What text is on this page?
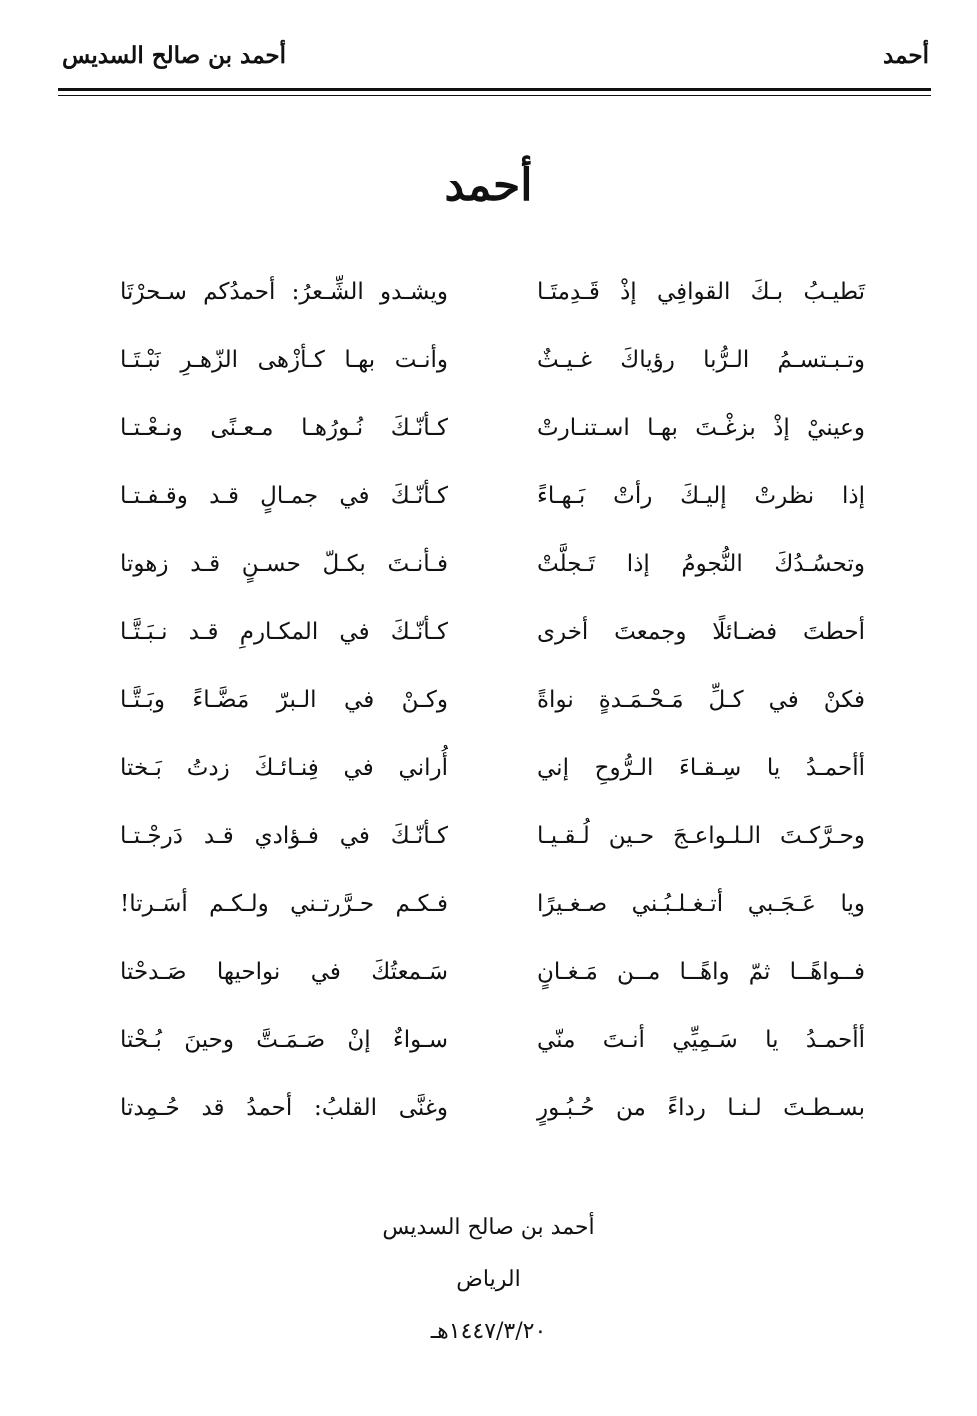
أحمد
أحمد بن صالح السديس
أحمد
تَطيـبُ بـكَ القوافِي إذْ قَـدِمتَـا
ويشـدو الشِّـعرُ: أحمدُكم سـحرْتَا
وتـبـتسـمُ الـرُّبا رؤياكَ غـيـثٌ
وأنـت بهـا كـأزْهى الزّهـرِ نَبْـتَـا
وعينيْ إذْ بزغْـتَ بهـا اسـتنـارتْ
كـأنّـكَ نُـورُهـا مـعـنًى ونـعْـتـا
إذا نظرتْ إليـكَ رأتْ بَـهـاءً
كـأنّـكَ في جمـالٍ قـد وقـفـتـا
وتحسُـدُكَ النُّجومُ إذا تَـجلَّتْ
فـأنـتَ بكـلّ حسـنٍ قـد زهوتا
أحطتَ فضـائلًا وجمعتَ أخرى
كـأنّـكَ في المكـارمِ قـد نـبَـتَّـا
فكنْ في كـلِّ مَـحْـمَـدةٍ نواةً
وكـنْ في الـبرّ مَضَّـاءً وبَـتَّـا
أأحمـدُ يا سِـقـاءَ الـرُّوحِ إني
أُراني في فِنـائـكَ زدتُ بَـختا
وحـرَّكـتَ الـلـواعـجَ حـين لُـقـيـا
كـأنّـكَ في فـؤادي قـد دَرجْـتـا
ويا عَـجَـبي أتـغـلـبُـني صـغـيرًا
فـكـم حـرَّرتـني ولـكـم أسَـرتا!
فــواهًــا ثمّ واهًــا مــن مَـغـانٍ
سَـمعتُكَ في نواحيها صَـدحْتا
أأحمـدُ يا سَـمِيِّي أنـتَ منّي
سـواءٌ إنْ صَـمَـتَّ وحينَ بُـحْتا
بسـطـتَ لـنـا رداءً من حُـبُـورٍ
وغنَّى القلبُ: أحمدُ قد حُـمِدتا
أحمد بن صالح السديس
الرياض
١٤٤٧/٣/٢٠هـ
